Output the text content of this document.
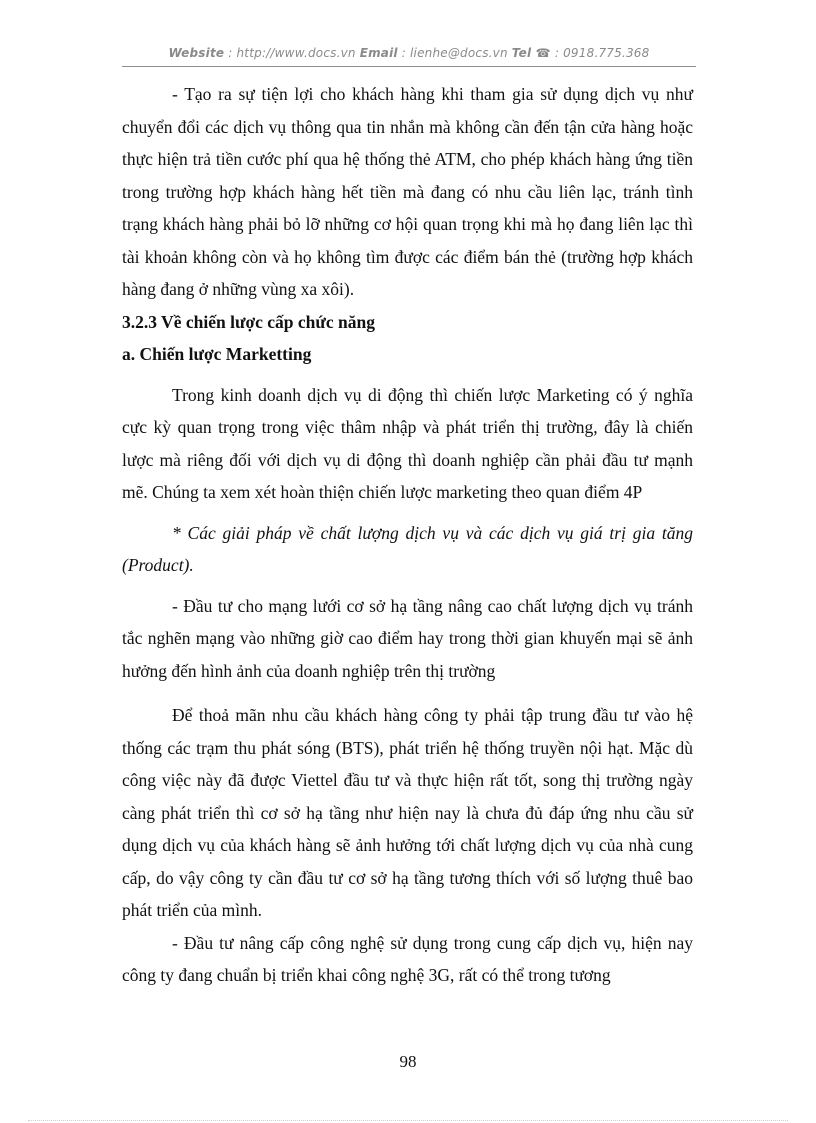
Website : http://www.docs.vn Email : lienhe@docs.vn Tel ☎ : 0918.775.368

- Tạo ra sự tiện lợi cho khách hàng khi tham gia sử dụng dịch vụ như chuyển đổi các dịch vụ thông qua tin nhắn mà không cần đến tận cửa hàng hoặc thực hiện trả tiền cước phí qua hệ thống thẻ ATM, cho phép khách hàng ứng tiền trong trường hợp khách hàng hết tiền mà đang có nhu cầu liên lạc, tránh tình trạng khách hàng phải bỏ lỡ những cơ hội quan trọng khi mà họ đang liên lạc thì tài khoản không còn và họ không tìm được các điểm bán thẻ (trường hợp khách hàng đang ở những vùng xa xôi).

3.2.3 Về chiến lược cấp chức năng

a. Chiến lược Marketting

Trong kinh doanh dịch vụ di động thì chiến lược Marketing có ý nghĩa cực kỳ quan trọng trong việc thâm nhập và phát triển thị trường, đây là chiến lược mà riêng đối với dịch vụ di động thì doanh nghiệp cần phải đầu tư mạnh mẽ. Chúng ta xem xét hoàn thiện chiến lược marketing theo quan điểm 4P

* Các giải pháp về chất lượng dịch vụ và các dịch vụ giá trị gia tăng (Product).

- Đầu tư cho mạng lưới cơ sở hạ tầng nâng cao chất lượng dịch vụ tránh tắc nghẽn mạng vào những giờ cao điểm hay trong thời gian khuyến mại sẽ ảnh hưởng đến hình ảnh của doanh nghiệp trên thị trường

Để thoả mãn nhu cầu khách hàng công ty phải tập trung đầu tư vào hệ thống các trạm thu phát sóng (BTS), phát triển hệ thống truyền nội hạt. Mặc dù công việc này đã được Viettel đầu tư và thực hiện rất tốt, song thị trường ngày càng phát triển thì cơ sở hạ tầng như hiện nay là chưa đủ đáp ứng nhu cầu sử dụng dịch vụ của khách hàng sẽ ảnh hưởng tới chất lượng dịch vụ của nhà cung cấp, do vậy công ty cần đầu tư cơ sở hạ tầng tương thích với số lượng thuê bao phát triển của mình.

- Đầu tư nâng cấp công nghệ sử dụng trong cung cấp dịch vụ, hiện nay công ty đang chuẩn bị triển khai công nghệ 3G, rất có thể trong tương

98
